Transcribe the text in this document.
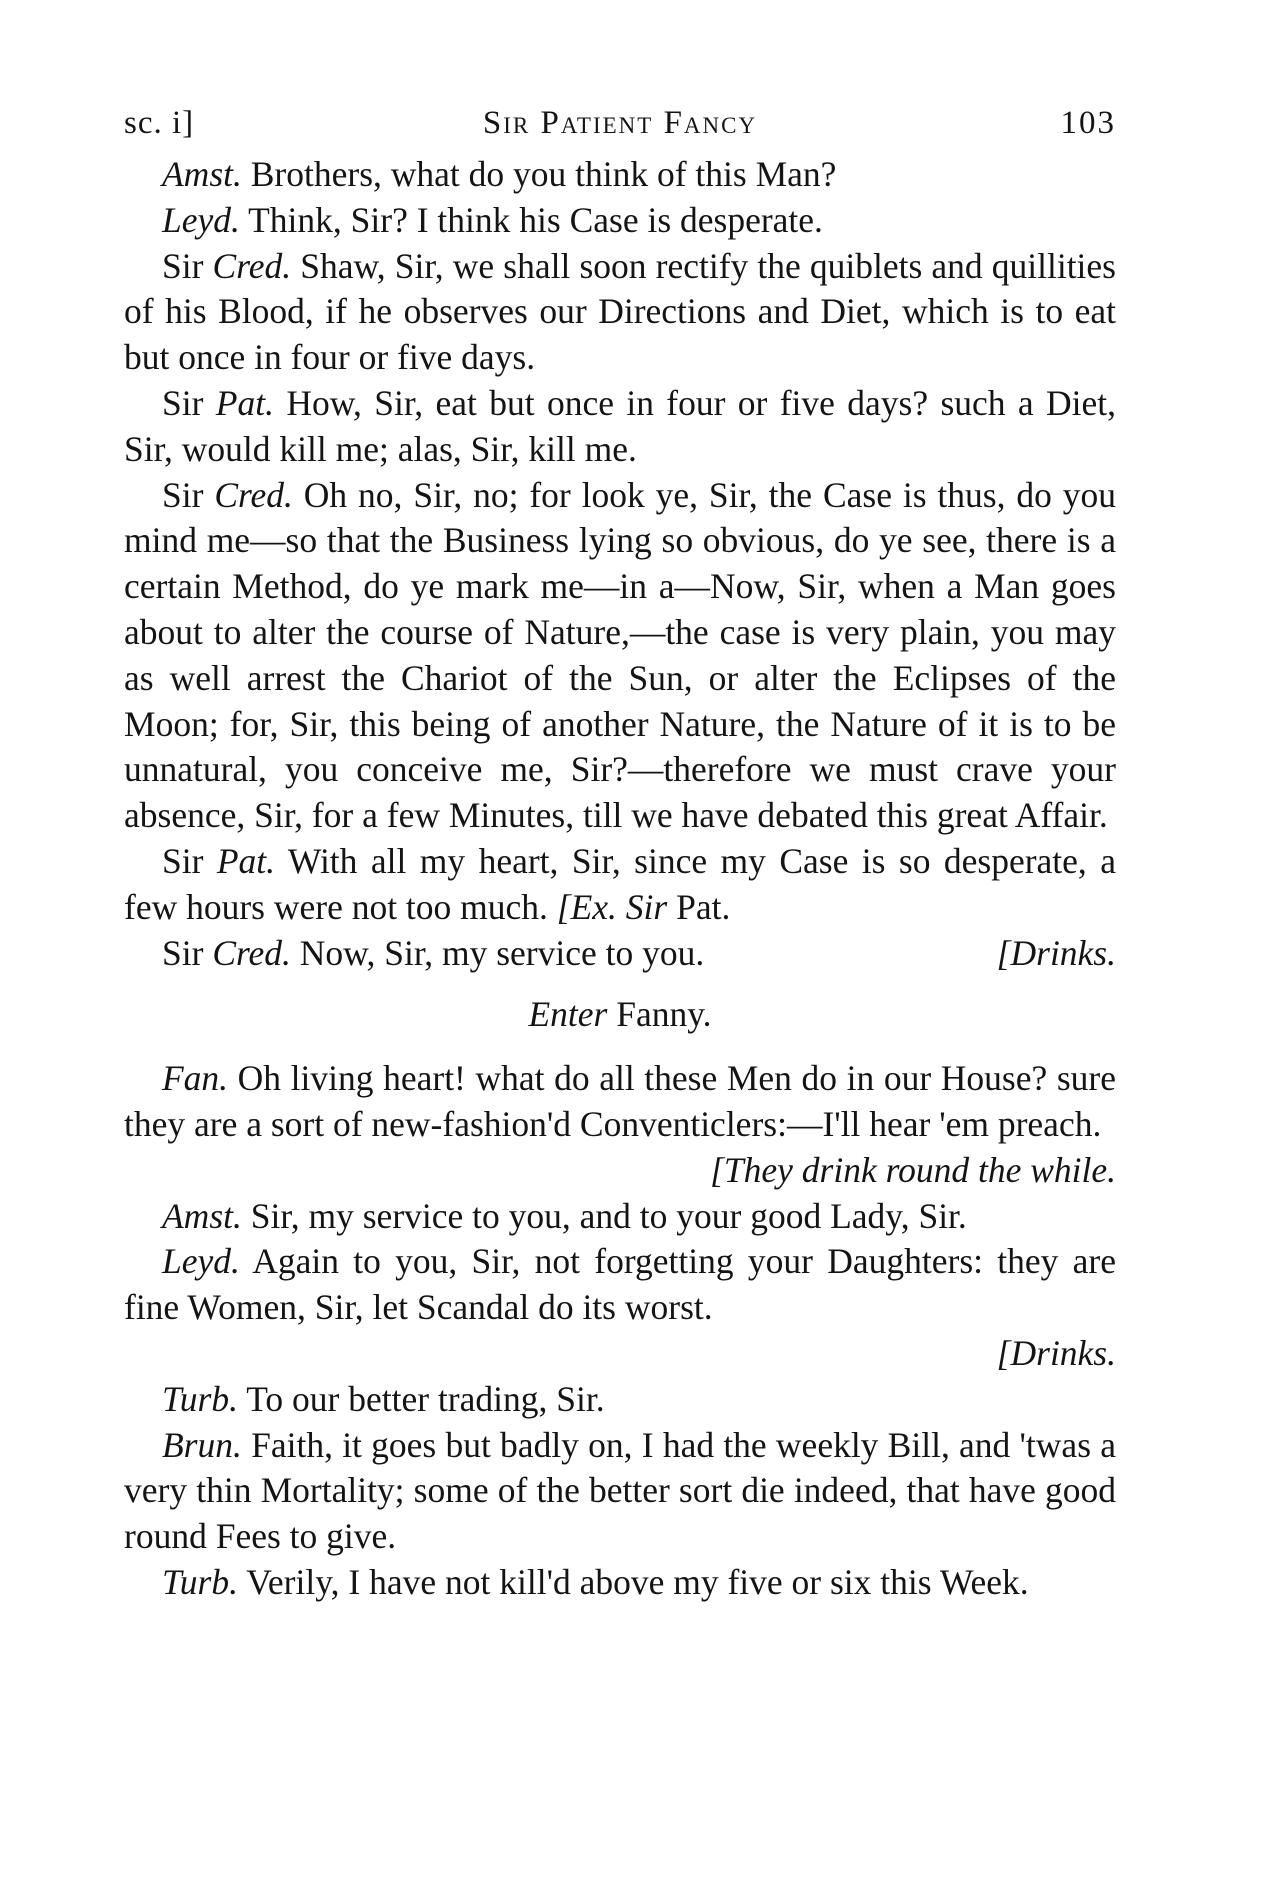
sc. i]	Sir Patient Fancy	103

Amst. Brothers, what do you think of this Man?

Leyd. Think, Sir? I think his Case is desperate.

Sir Cred. Shaw, Sir, we shall soon rectify the quiblets and quillities of his Blood, if he observes our Directions and Diet, which is to eat but once in four or five days.

Sir Pat. How, Sir, eat but once in four or five days? such a Diet, Sir, would kill me; alas, Sir, kill me.

Sir Cred. Oh no, Sir, no; for look ye, Sir, the Case is thus, do you mind me—so that the Business lying so obvious, do ye see, there is a certain Method, do ye mark me—in a—Now, Sir, when a Man goes about to alter the course of Nature,—the case is very plain, you may as well arrest the Chariot of the Sun, or alter the Eclipses of the Moon; for, Sir, this being of another Nature, the Nature of it is to be unnatural, you conceive me, Sir?—therefore we must crave your absence, Sir, for a few Minutes, till we have debated this great Affair.

Sir Pat. With all my heart, Sir, since my Case is so desperate, a few hours were not too much. [Ex. Sir Pat.

Sir Cred. Now, Sir, my service to you.	[Drinks.

Enter Fanny.

Fan. Oh living heart! what do all these Men do in our House? sure they are a sort of new-fashion'd Conventiclers:—I'll hear 'em preach.

[They drink round the while.

Amst. Sir, my service to you, and to your good Lady, Sir.

Leyd. Again to you, Sir, not forgetting your Daughters: they are fine Women, Sir, let Scandal do its worst.

[Drinks.

Turb. To our better trading, Sir.

Brun. Faith, it goes but badly on, I had the weekly Bill, and 'twas a very thin Mortality; some of the better sort die indeed, that have good round Fees to give.

Turb. Verily, I have not kill'd above my five or six this Week.
